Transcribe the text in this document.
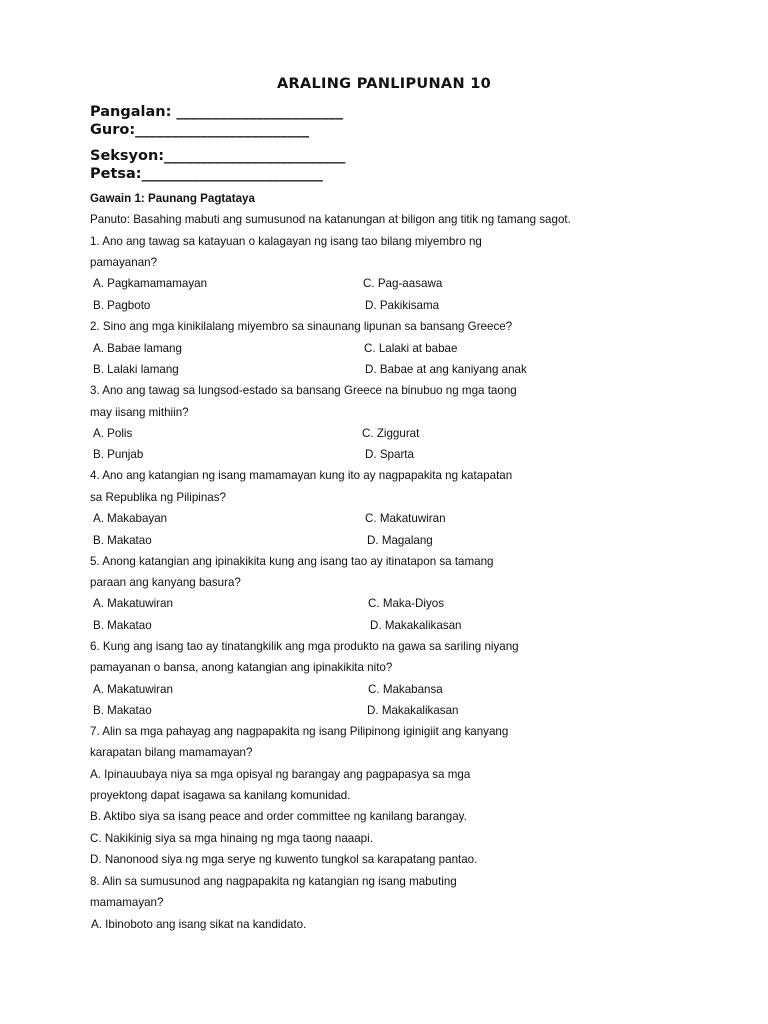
ARALING PANLIPUNAN 10
Pangalan: _______________________
Guro:________________________
Seksyon:_________________________
Petsa:_________________________
Gawain 1: Paunang Pagtataya
Panuto: Basahing mabuti ang sumusunod na katanungan at biligon ang titik ng tamang sagot.
1. Ano ang tawag sa katayuan o kalagayan ng isang tao bilang miyembro ng
pamayanan?
A. Pagkamamamayan	C. Pag-aasawa
B. Pagboto	D. Pakikisama
2. Sino ang mga kinikilalang miyembro sa sinaunang lipunan sa bansang Greece?
A. Babae lamang	C. Lalaki at babae
B. Lalaki lamang	D. Babae at ang kaniyang anak
3. Ano ang tawag sa lungsod-estado sa bansang Greece na binubuo ng mga taong
may iisang mithiin?
A. Polis	C. Ziggurat
B. Punjab	D. Sparta
4. Ano ang katangian ng isang mamamayan kung ito ay nagpapakita ng katapatan
sa Republika ng Pilipinas?
A. Makabayan	C. Makatuwiran
B. Makatao	D. Magalang
5. Anong katangian ang ipinakikita kung ang isang tao ay itinatapon sa tamang
paraan ang kanyang basura?
A. Makatuwiran	C. Maka-Diyos
B. Makatao	D. Makakalikasan
6. Kung ang isang tao ay tinatangkilik ang mga produkto na gawa sa sariling niyang
pamayanan o bansa, anong katangian ang ipinakikita nito?
A. Makatuwiran	C. Makabansa
B. Makatao	D. Makakalikasan
7. Alin sa mga pahayag ang nagpapakita ng isang Pilipinong iginigiit ang kanyang
karapatan bilang mamamayan?
A. Ipinauubaya niya sa mga opisyal ng barangay ang pagpapasya sa mga
proyektong dapat isagawa sa kanilang komunidad.
B. Aktibo siya sa isang peace and order committee ng kanilang barangay.
C. Nakikinig siya sa mga hinaing ng mga taong naaapi.
D. Nanonood siya ng mga serye ng kuwento tungkol sa karapatang pantao.
8. Alin sa sumusunod ang nagpapakita ng katangian ng isang mabuting
mamamayan?
A. Ibinoboto ang isang sikat na kandidato.
